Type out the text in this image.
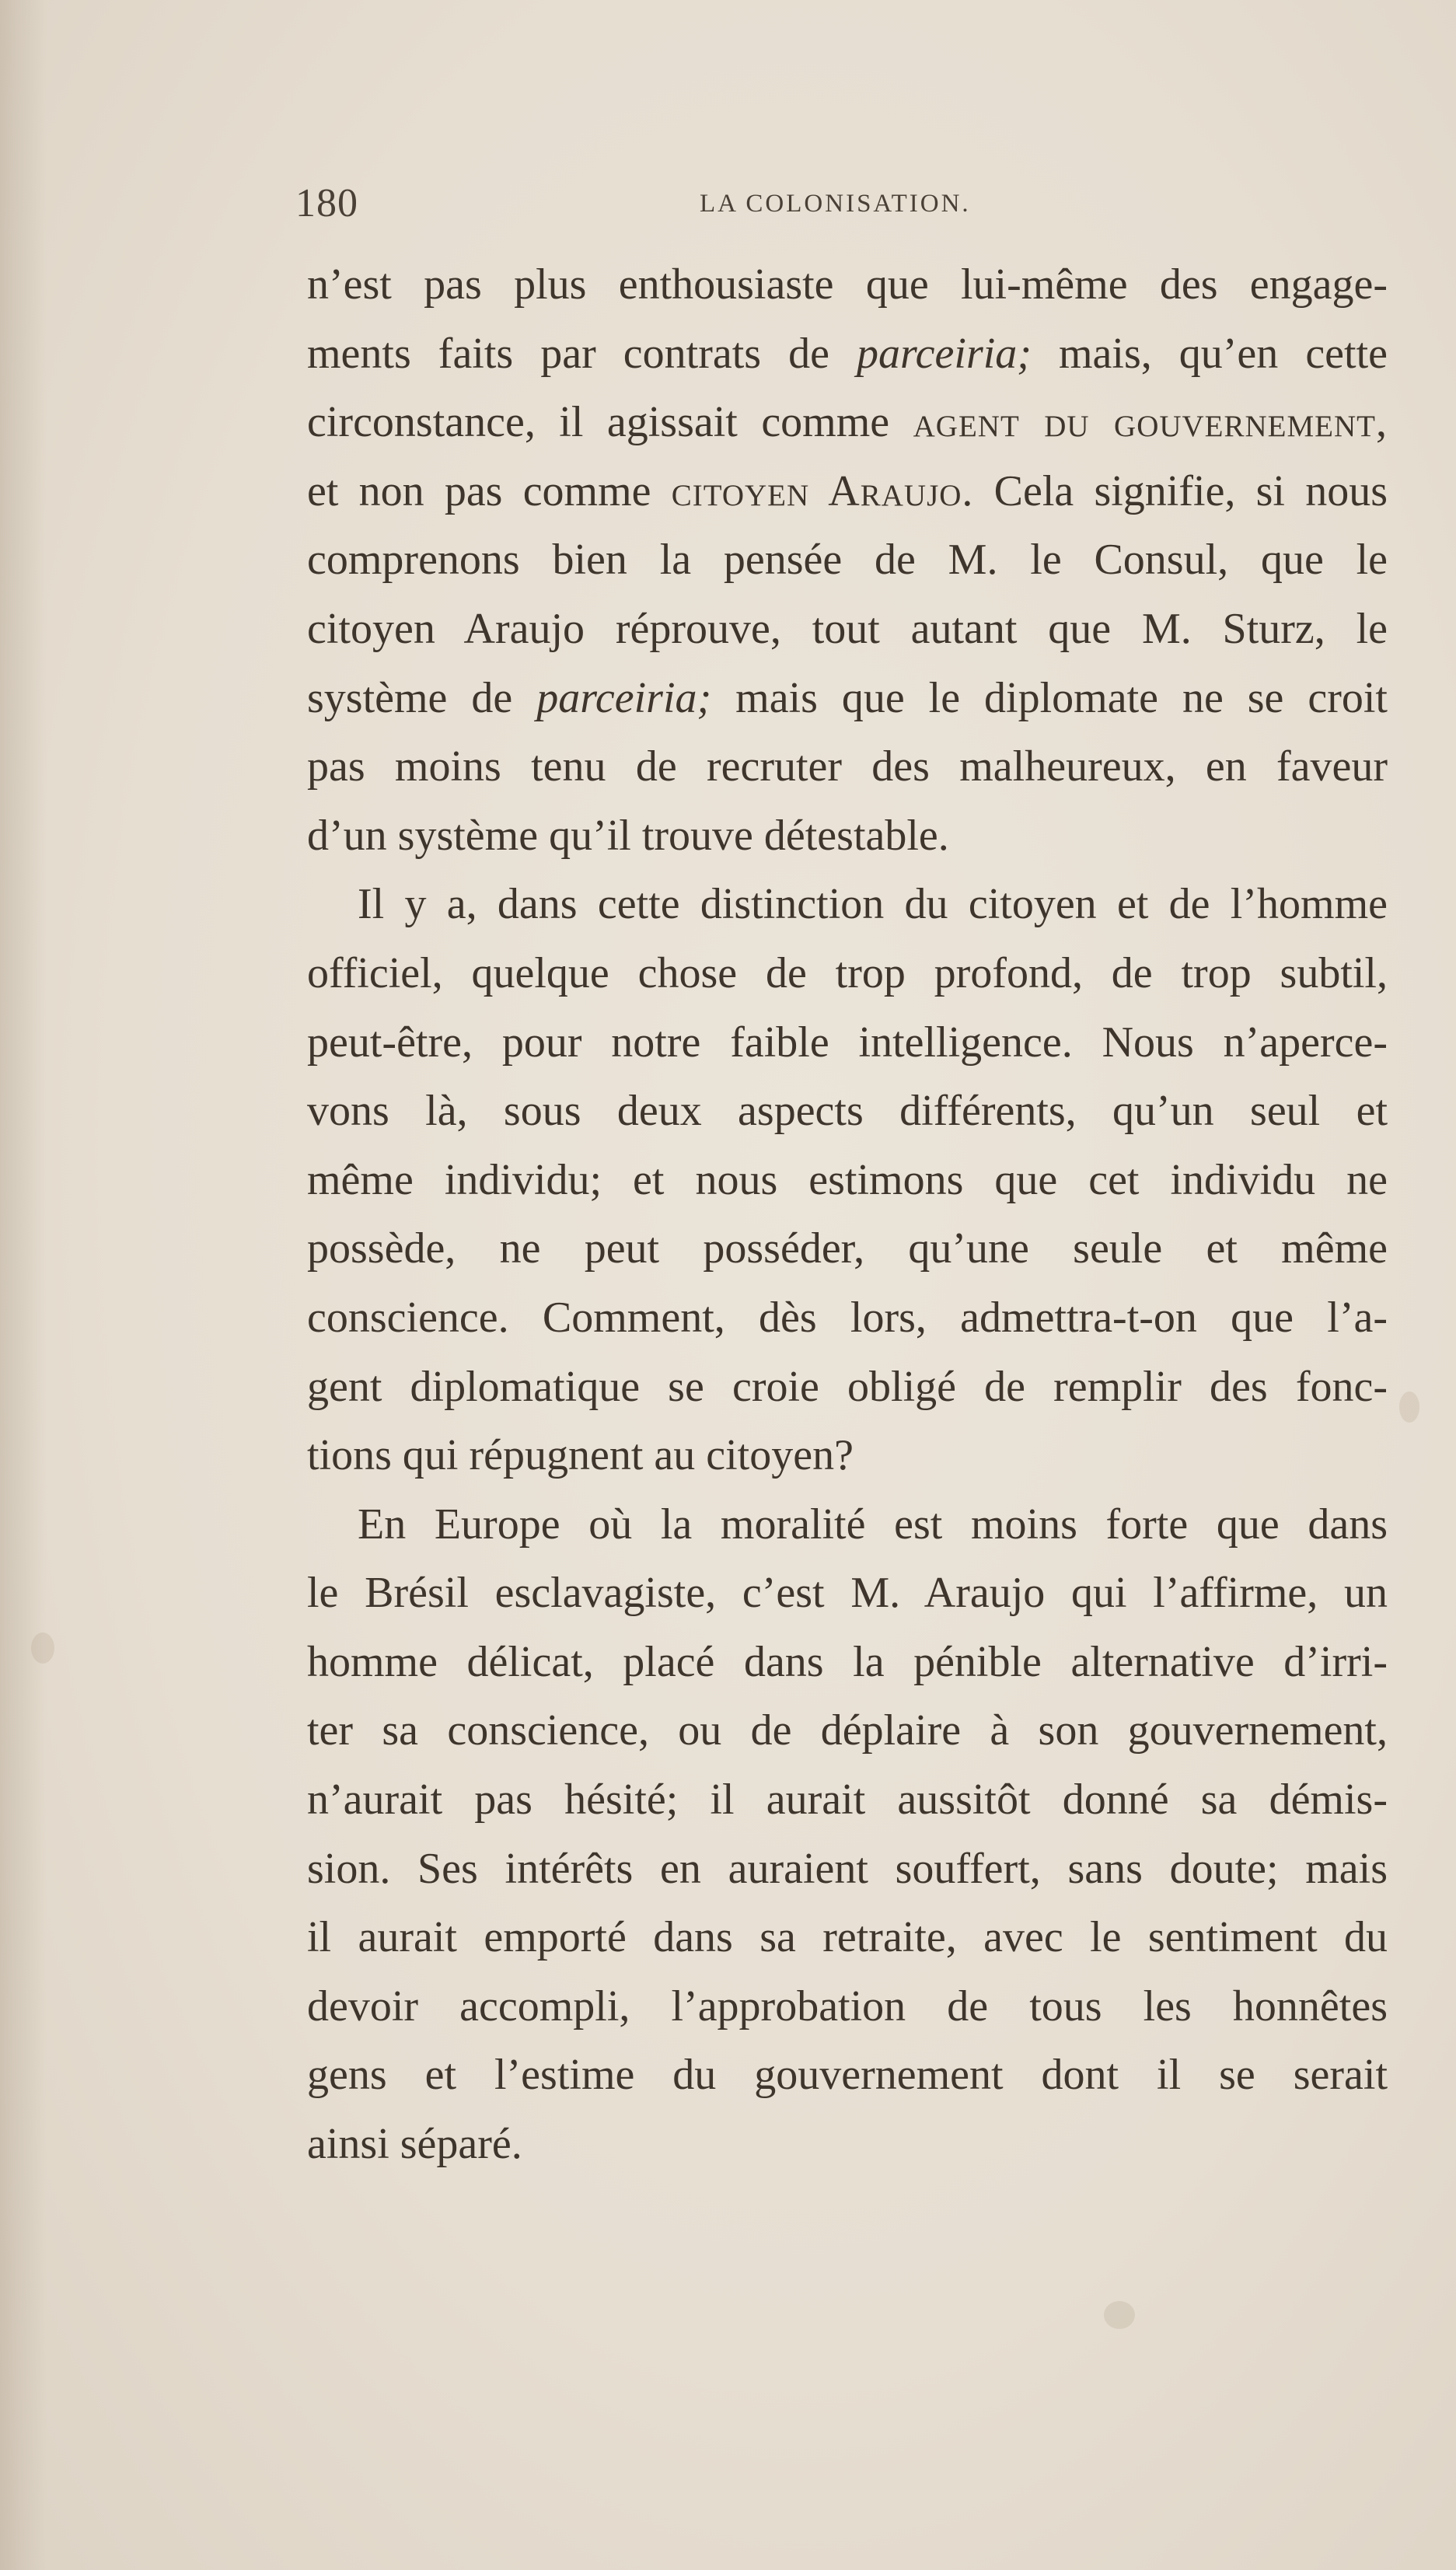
180	LA COLONISATION.
n’est pas plus enthousiaste que lui-même des engage-
ments faits par contrats de parceiria; mais, qu’en cette
circonstance, il agissait comme agent du gouvernement,
et non pas comme citoyen Araujo. Cela signifie, si nous
comprenons bien la pensée de M. le Consul, que le
citoyen Araujo réprouve, tout autant que M. Sturz, le
système de parceiria; mais que le diplomate ne se croit
pas moins tenu de recruter des malheureux, en faveur
d’un système qu’il trouve détestable.
Il y a, dans cette distinction du citoyen et de l’homme
officiel, quelque chose de trop profond, de trop subtil,
peut-être, pour notre faible intelligence. Nous n’aperce-
vons là, sous deux aspects différents, qu’un seul et
même individu; et nous estimons que cet individu ne
possède, ne peut posséder, qu’une seule et même
conscience. Comment, dès lors, admettra-t-on que l’a-
gent diplomatique se croie obligé de remplir des fonc-
tions qui répugnent au citoyen?
En Europe où la moralité est moins forte que dans
le Brésil esclavagiste, c’est M. Araujo qui l’affirme, un
homme délicat, placé dans la pénible alternative d’irri-
ter sa conscience, ou de déplaire à son gouvernement,
n’aurait pas hésité; il aurait aussitôt donné sa démis-
sion. Ses intérêts en auraient souffert, sans doute; mais
il aurait emporté dans sa retraite, avec le sentiment du
devoir accompli, l’approbation de tous les honnêtes
gens et l’estime du gouvernement dont il se serait
ainsi séparé.
